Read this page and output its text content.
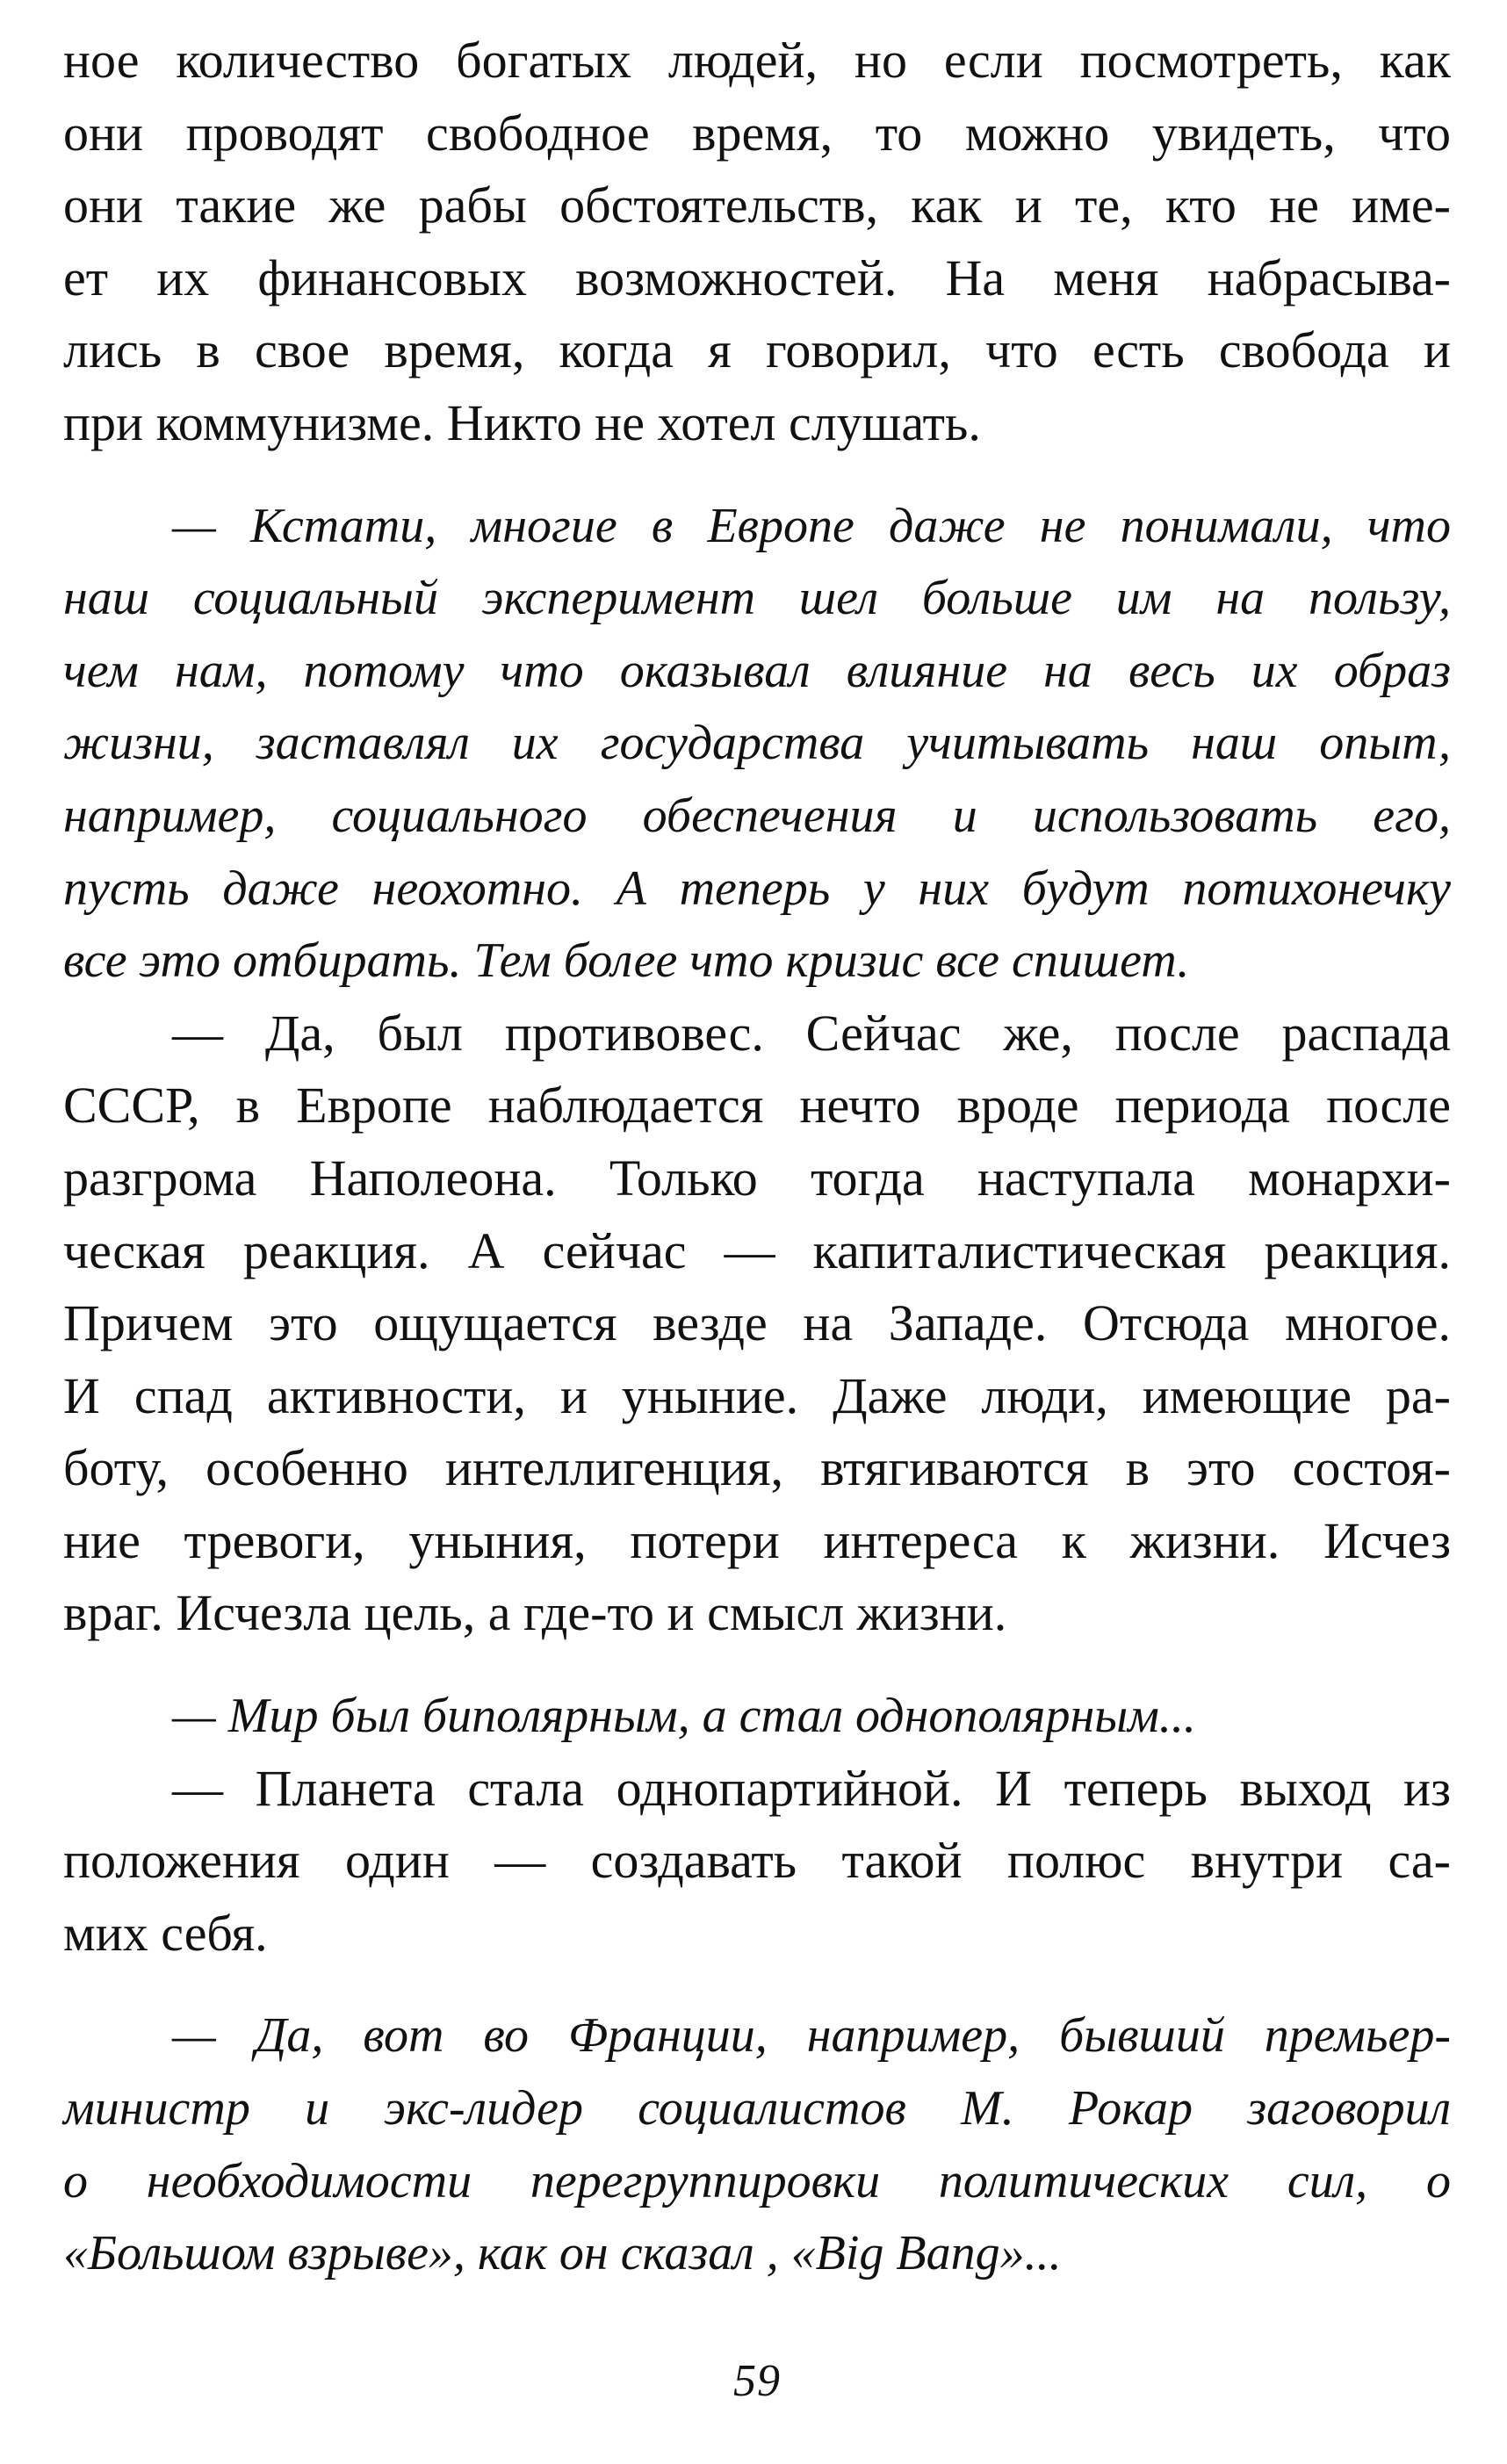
ное количество богатых людей, но если посмотреть, как
они проводят свободное время, то можно увидеть, что
они такие же рабы обстоятельств, как и те, кто не име-
ет их финансовых возможностей. На меня набрасыва-
лись в свое время, когда я говорил, что есть свобода и
при коммунизме. Никто не хотел слушать.
— Кстати, многие в Европе даже не понимали, что
наш социальный эксперимент шел больше им на пользу,
чем нам, потому что оказывал влияние на весь их образ
жизни, заставлял их государства учитывать наш опыт,
например, социального обеспечения и использовать его,
пусть даже неохотно. А теперь у них будут потихонечку
все это отбирать. Тем более что кризис все спишет.
— Да, был противовес. Сейчас же, после распада
СССР, в Европе наблюдается нечто вроде периода после
разгрома Наполеона. Только тогда наступала монархи-
ческая реакция. А сейчас — капиталистическая реакция.
Причем это ощущается везде на Западе. Отсюда многое.
И спад активности, и уныние. Даже люди, имеющие ра-
боту, особенно интеллигенция, втягиваются в это состоя-
ние тревоги, уныния, потери интереса к жизни. Исчез
враг. Исчезла цель, а где-то и смысл жизни.
— Мир был биполярным, а стал однополярным...
— Планета стала однопартийной. И теперь выход из
положения один — создавать такой полюс внутри са-
мих себя.
— Да, вот во Франции, например, бывший премьер-
министр и экс-лидер социалистов М. Рокар заговорил
о необходимости перегруппировки политических сил, о
«Большом взрыве», как он сказал , «Big Bang»...
59
